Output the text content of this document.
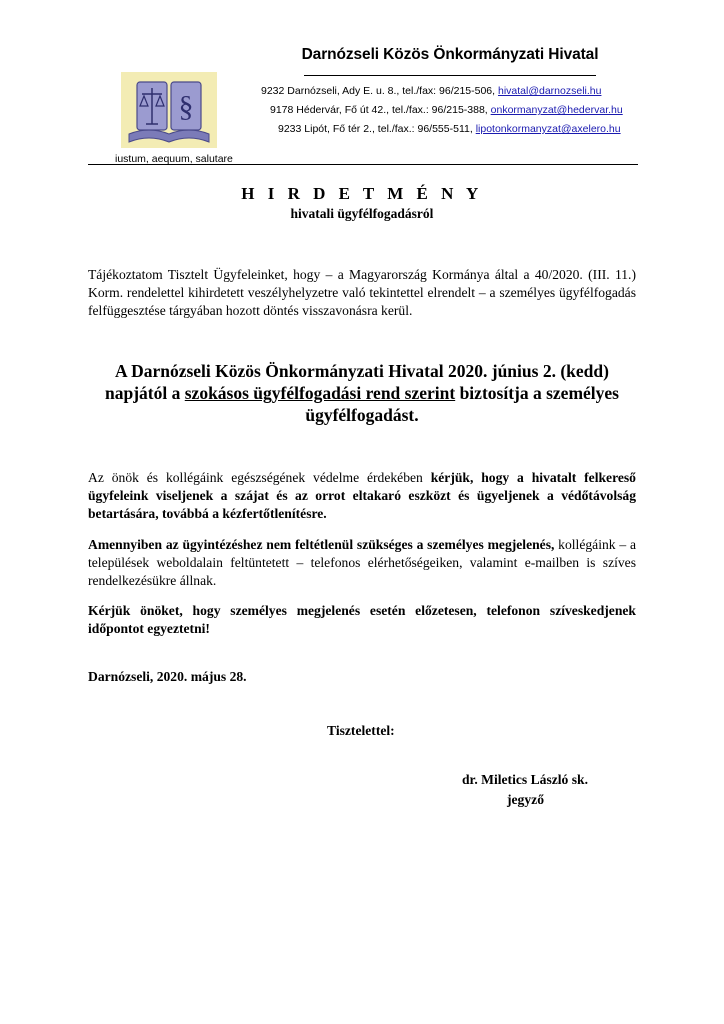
Darnózseli Közös Önkormányzati Hivatal
§
iustum, aequum, salutare
9232 Darnózseli, Ady E. u. 8., tel./fax: 96/215-506, hivatal@darnozseli.hu
9178 Hédervár, Fő út 42., tel./fax.: 96/215-388, onkormanyzat@hedervar.hu
9233 Lipót, Fő tér 2., tel./fax.: 96/555-511, lipotonkormanyzat@axelero.hu
H I R D E T M É N Y
hivatali ügyfélfogadásról
Tájékoztatom Tisztelt Ügyfeleinket, hogy – a Magyarország Kormánya által a 40/2020. (III. 11.) Korm. rendelettel kihirdetett veszélyhelyzetre való tekintettel elrendelt – a személyes ügyfélfogadás felfüggesztése tárgyában hozott döntés visszavonásra kerül.
A Darnózseli Közös Önkormányzati Hivatal 2020. június 2. (kedd) napjától a szokásos ügyfélfogadási rend szerint biztosítja a személyes ügyfélfogadást.
Az önök és kollégáink egészségének védelme érdekében kérjük, hogy a hivatalt felkereső ügyfeleink viseljenek a szájat és az orrot eltakaró eszközt és ügyeljenek a védőtávolság betartására, továbbá a kézfertőtlenítésre.
Amennyiben az ügyintézéshez nem feltétlenül szükséges a személyes megjelenés, kollégáink – a települések weboldalain feltüntetett – telefonos elérhetőségeiken, valamint e-mailben is szíves rendelkezésükre állnak.
Kérjük önöket, hogy személyes megjelenés esetén előzetesen, telefonon szíveskedjenek időpontot egyeztetni!
Darnózseli, 2020. május 28.
Tisztelettel:
dr. Miletics László sk.
jegyző
